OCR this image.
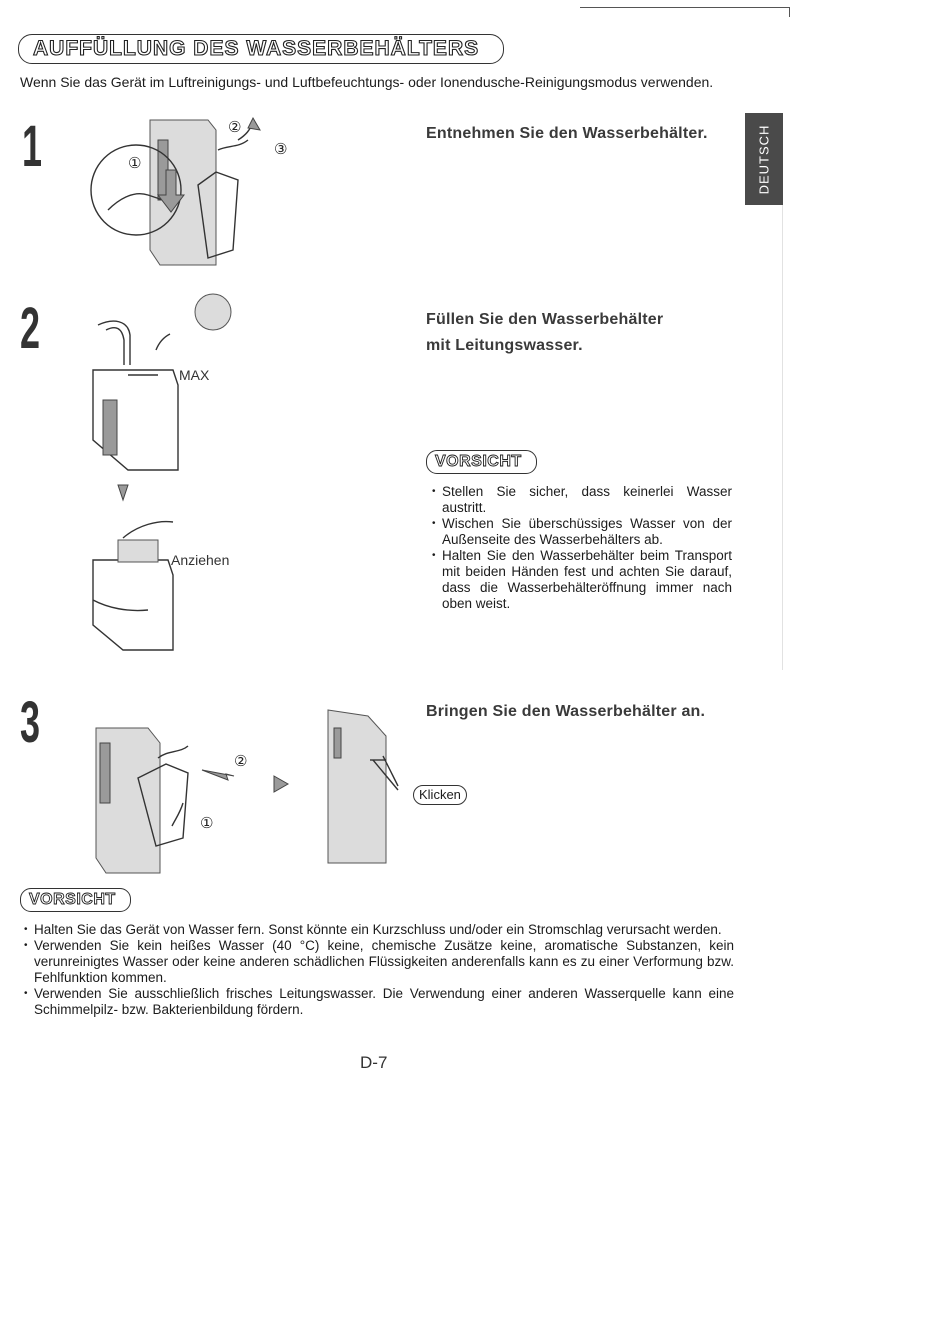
AUFFÜLLUNG DES WASSERBEHÄLTERS
Wenn Sie das Gerät im Luftreinigungs- und Luftbefeuchtungs- oder Ionendusche-Reinigungsmodus verwenden.
DEUTSCH
1	Entnehmen Sie den Wasserbehälter.
①
②
③
2	Füllen Sie den Wasserbehälter
mit Leitungswasser.
MAX
Anziehen
VORSICHT
• Stellen Sie sicher, dass keinerlei Wasser austritt.
• Wischen Sie überschüssiges Wasser von der Außenseite des Wasserbehälters ab.
• Halten Sie den Wasserbehälter beim Transport mit beiden Händen fest und achten Sie darauf, dass die Wasserbehälteröffnung immer nach oben weist.
3	Bringen Sie den Wasserbehälter an.
②
①
Klicken
VORSICHT
• Halten Sie das Gerät von Wasser fern. Sonst könnte ein Kurzschluss und/oder ein Stromschlag verursacht werden.
• Verwenden Sie kein heißes Wasser (40 °C) keine, chemische Zusätze keine, aromatische Substanzen, kein verunreinigtes Wasser oder keine anderen schädlichen Flüssigkeiten anderenfalls kann es zu einer Verformung bzw. Fehlfunktion kommen.
• Verwenden Sie ausschließlich frisches Leitungswasser. Die Verwendung einer anderen Wasserquelle kann eine Schimmelpilz- bzw. Bakterienbildung fördern.
D-7
